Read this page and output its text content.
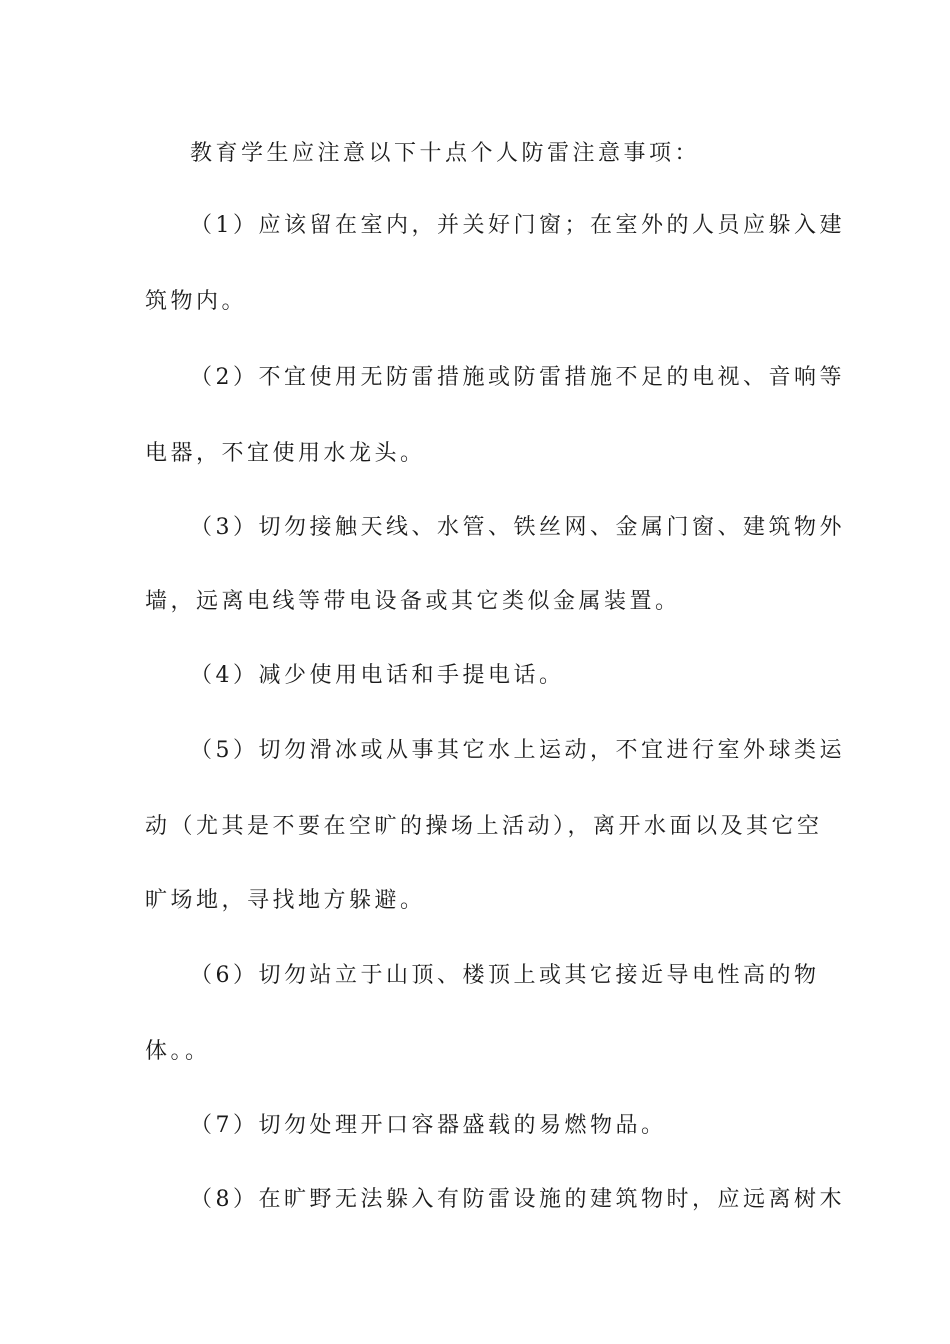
教育学生应注意以下十点个人防雷注意事项：
（1）应该留在室内，并关好门窗；在室外的人员应躲入建
筑物内。
（2）不宜使用无防雷措施或防雷措施不足的电视、音响等
电器，不宜使用水龙头。
（3）切勿接触天线、水管、铁丝网、金属门窗、建筑物外
墙，远离电线等带电设备或其它类似金属装置。
（4）减少使用电话和手提电话。
（5）切勿滑冰或从事其它水上运动，不宜进行室外球类运
动（尤其是不要在空旷的操场上活动），离开水面以及其它空
旷场地，寻找地方躲避。
（6）切勿站立于山顶、楼顶上或其它接近导电性高的物
体。。
（7）切勿处理开口容器盛载的易燃物品。
（8）在旷野无法躲入有防雷设施的建筑物时，应远离树木
